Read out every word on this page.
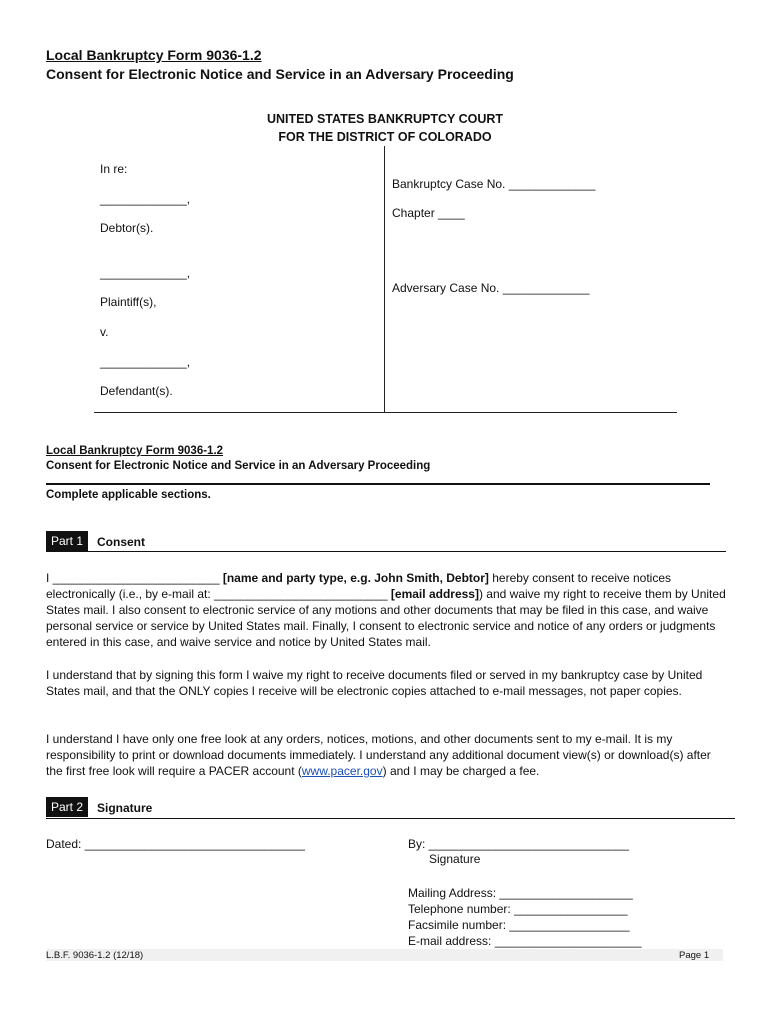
Local Bankruptcy Form 9036-1.2
Consent for Electronic Notice and Service in an Adversary Proceeding
UNITED STATES BANKRUPTCY COURT
FOR THE DISTRICT OF COLORADO
In re:
_____________,
Debtor(s).
_____________,
Plaintiff(s),
v.
_____________,
Defendant(s).
Bankruptcy Case No. _____________
Chapter ____
Adversary Case No. _____________
Local Bankruptcy Form 9036-1.2
Consent for Electronic Notice and Service in an Adversary Proceeding
Complete applicable sections.
Part 1	Consent

I _________________________ [name and party type, e.g. John Smith, Debtor] hereby consent to receive notices electronically (i.e., by e-mail at: __________________________ [email address]) and waive my right to receive them by United States mail. I also consent to electronic service of any motions and other documents that may be filed in this case, and waive personal service or service by United States mail. Finally, I consent to electronic service and notice of any orders or judgments entered in this case, and waive service and notice by United States mail.

I understand that by signing this form I waive my right to receive documents filed or served in my bankruptcy case by United States mail, and that the ONLY copies I receive will be electronic copies attached to e-mail messages, not paper copies.

I understand I have only one free look at any orders, notices, motions, and other documents sent to my e-mail. It is my responsibility to print or download documents immediately. I understand any additional document view(s) or download(s) after the first free look will require a PACER account (www.pacer.gov) and I may be charged a fee.

Part 2	Signature
Dated: _________________________________	By: ______________________________
Signature
Mailing Address: ____________________
Telephone number: _________________
Facsimile number: __________________
E-mail address: ______________________
L.B.F. 9036-1.2 (12/18)	Page 1
